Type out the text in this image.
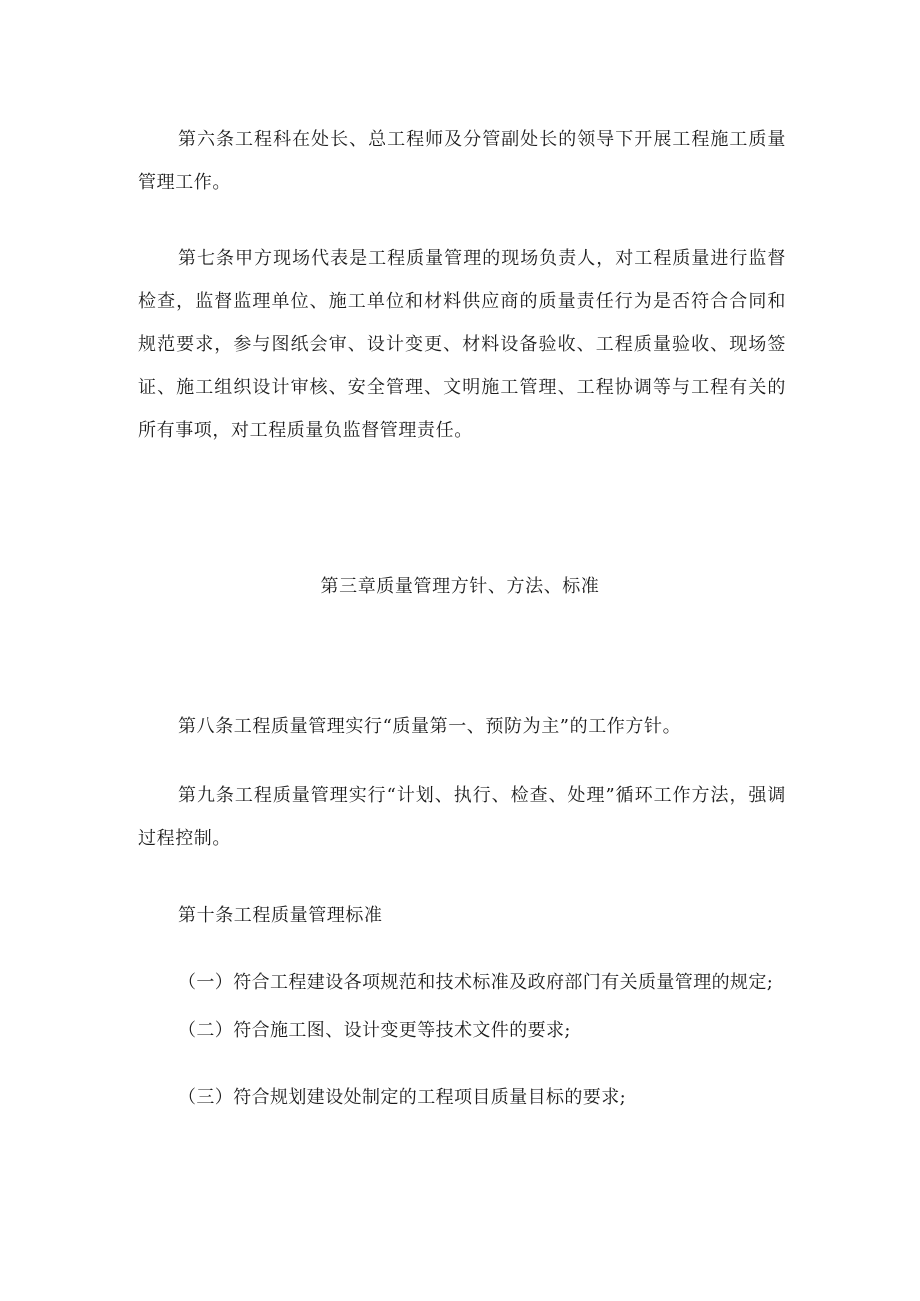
第六条工程科在处长、总工程师及分管副处长的领导下开展工程施工质量管理工作。

第七条甲方现场代表是工程质量管理的现场负责人，对工程质量进行监督检查，监督监理单位、施工单位和材料供应商的质量责任行为是否符合合同和规范要求，参与图纸会审、设计变更、材料设备验收、工程质量验收、现场签证、施工组织设计审核、安全管理、文明施工管理、工程协调等与工程有关的所有事项，对工程质量负监督管理责任。

第三章质量管理方针、方法、标准

第八条工程质量管理实行“质量第一、预防为主”的工作方针。

第九条工程质量管理实行“计划、执行、检查、处理”循环工作方法，强调过程控制。

第十条工程质量管理标准

（一）符合工程建设各项规范和技术标准及政府部门有关质量管理的规定;

（二）符合施工图、设计变更等技术文件的要求;

（三）符合规划建设处制定的工程项目质量目标的要求;
